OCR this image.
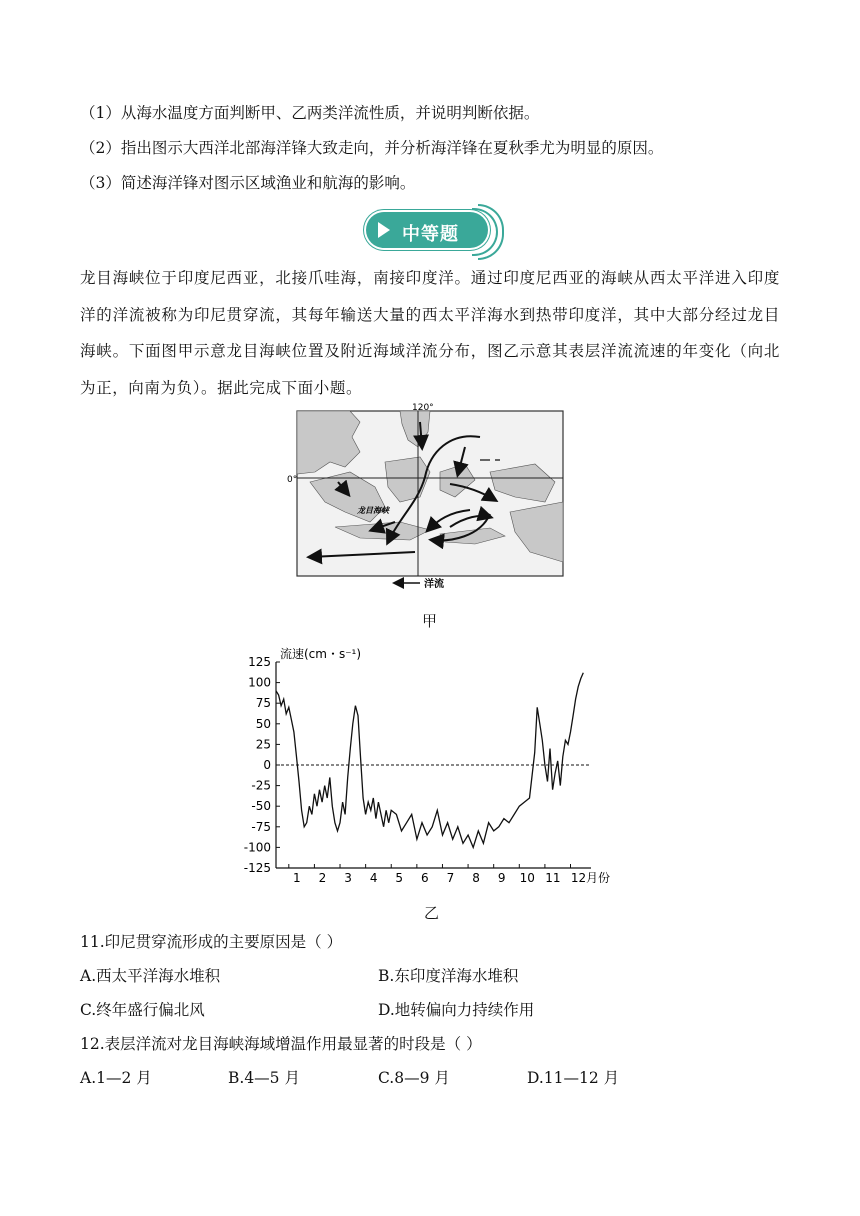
（1）从海水温度方面判断甲、乙两类洋流性质，并说明判断依据。
（2）指出图示大西洋北部海洋锋大致走向，并分析海洋锋在夏秋季尤为明显的原因。
（3）简述海洋锋对图示区域渔业和航海的影响。
中等题
龙目海峡位于印度尼西亚，北接爪哇海，南接印度洋。通过印度尼西亚的海峡从西太平洋进入印度洋的洋流被称为印尼贯穿流，其每年输送大量的西太平洋海水到热带印度洋，其中大部分经过龙目海峡。下面图甲示意龙目海峡位置及附近海域洋流分布，图乙示意其表层洋流流速的年变化（向北为正，向南为负）。据此完成下面小题。
120°
0°
龙目海峡
洋流
甲
125
100
75
50
25
0
-25
-50
-75
-100
-125
1 2 3 4 5 6 7 8 9 10 11 12
流速(cm・s⁻¹)
月份
乙
11.印尼贯穿流形成的主要原因是（ ）
A.西太平洋海水堆积	B.东印度洋海水堆积
C.终年盛行偏北风	D.地转偏向力持续作用
12.表层洋流对龙目海峡海域增温作用最显著的时段是（ ）
A.1—2 月	B.4—5 月	C.8—9 月	D.11—12 月
